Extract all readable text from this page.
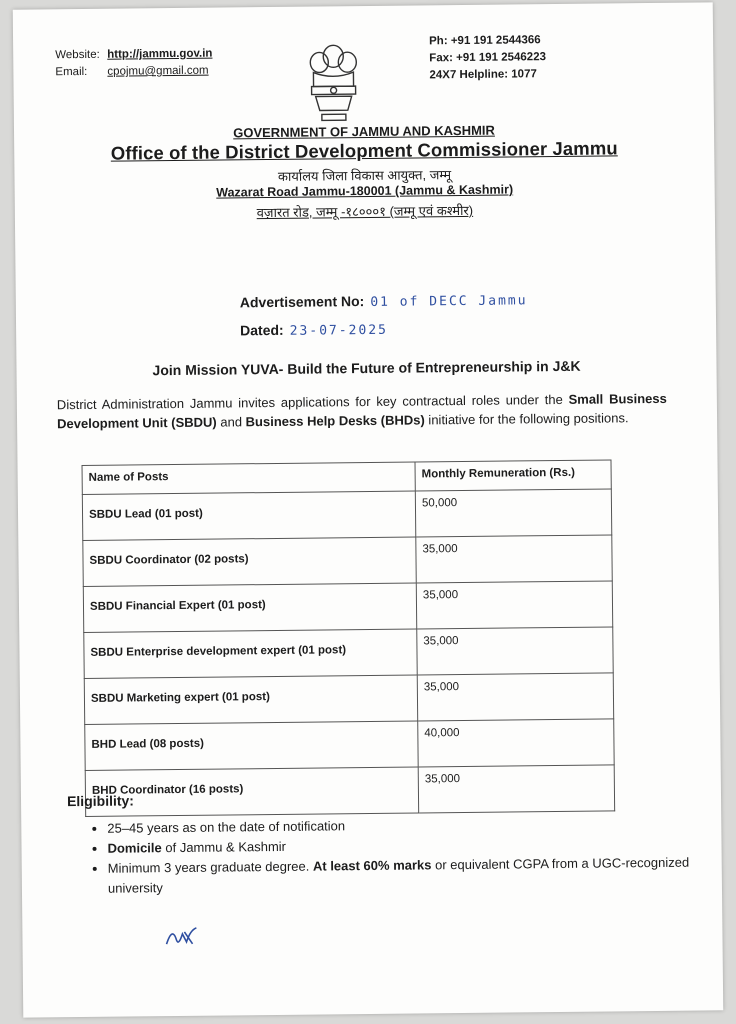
Website: http://jammu.gov.in
Email: cpojmu@gmail.com
Ph: +91 191 2544366
Fax: +91 191 2546223
24X7 Helpline: 1077
GOVERNMENT OF JAMMU AND KASHMIR
Office of the District Development Commissioner Jammu
कार्यालय जिला विकास आयुक्त, जम्मू
Wazarat Road Jammu-180001 (Jammu & Kashmir)
वज़ारत रोड, जम्मू -१८०००१ (जम्मू एवं कश्मीर)
Advertisement No: 01 of DECC Jammu
Dated: 23-07-2025
Join Mission YUVA- Build the Future of Entrepreneurship in J&K
District Administration Jammu invites applications for key contractual roles under the Small Business Development Unit (SBDU) and Business Help Desks (BHDs) initiative for the following positions.
Name of Posts	Monthly Remuneration (Rs.)
SBDU Lead (01 post)	50,000
SBDU Coordinator (02 posts)	35,000
SBDU Financial Expert (01 post)	35,000
SBDU Enterprise development expert (01 post)	35,000
SBDU Marketing expert (01 post)	35,000
BHD Lead (08 posts)	40,000
BHD Coordinator (16 posts)	35,000
Eligibility:
• 25–45 years as on the date of notification
• Domicile of Jammu & Kashmir
• Minimum 3 years graduate degree. At least 60% marks or equivalent CGPA from a UGC-recognized university
